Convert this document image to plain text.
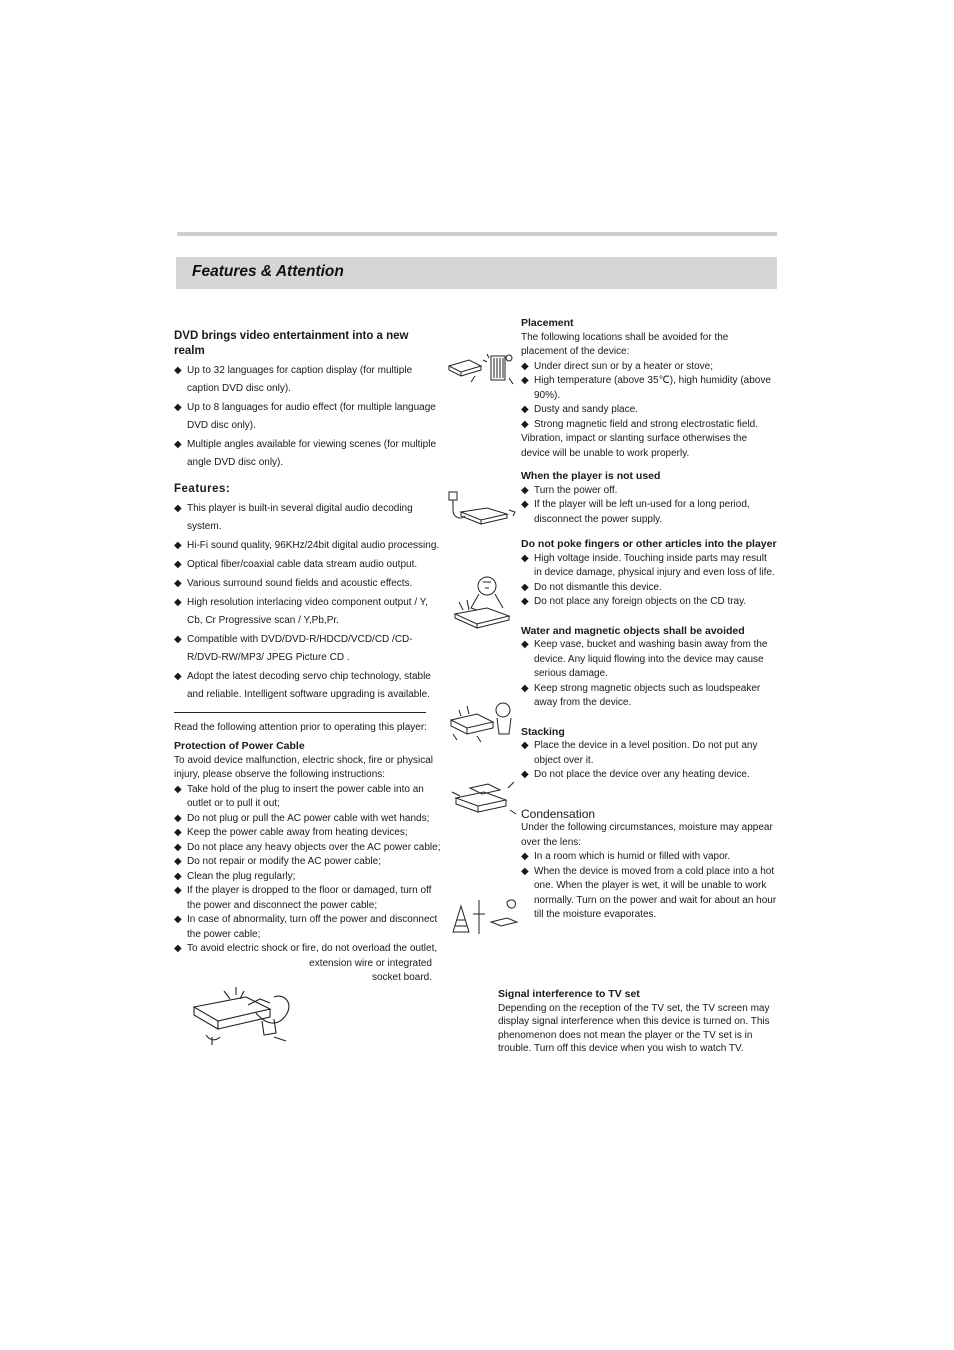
Features & Attention
DVD brings video entertainment into a new realm
◆ Up to 32 languages for caption display (for multiple caption DVD disc only).
◆ Up to 8 languages for audio effect (for multiple language DVD disc only).
◆ Multiple angles available for viewing scenes (for multiple angle DVD disc only).
Features:
◆ This player is built-in several digital audio decoding system.
◆ Hi-Fi sound quality, 96KHz/24bit digital audio processing.
◆ Optical fiber/coaxial cable data stream audio output.
◆ Various surround sound fields and acoustic effects.
◆ High resolution interlacing video component output / Y, Cb, Cr Progressive scan / Y,Pb,Pr.
◆ Compatible with DVD/DVD-R/HDCD/VCD/CD /CD-R/DVD-RW/MP3/ JPEG Picture CD .
◆ Adopt the latest decoding servo chip technology, stable and reliable. Intelligent software upgrading is available.

Read the following attention prior to operating this player:

Protection of Power Cable

To avoid device malfunction, electric shock, fire or physical injury, please observe the following instructions:

◆ Take hold of the plug to insert the power cable into an outlet or to pull it out;
◆ Do not plug or pull the AC power cable with wet hands;
◆ Keep the power cable away from heating devices;
◆ Do not place any heavy objects over the AC power cable;
◆ Do not repair or modify the AC power cable;
◆ Clean the plug regularly;
◆ If the player is dropped to the floor or damaged, turn off the power and disconnect the power cable;
◆ In case of abnormality, turn off the power and disconnect the power cable;
◆ To avoid electric shock or fire, do not overload the outlet,

extension wire or integrated

socket board.

Placement

The following locations shall be avoided for the placement of the device:

◆ Under direct sun or by a heater or stove;
◆ High temperature (above 35℃), high humidity (above 90%).
◆ Dusty and sandy place.
◆ Strong magnetic field and strong electrostatic field.

Vibration, impact or slanting surface otherwises the device will be unable to work properly.

When the player is not used
◆ Turn the power off.
◆ If the player will be left un-used for a long period, disconnect the power supply.
Do not poke fingers or other articles into the player
◆ High voltage inside. Touching inside parts may result in device damage, physical injury and even loss of life.
◆ Do not dismantle this device.
◆ Do not place any foreign objects on the CD tray.
Water and magnetic objects shall be avoided
◆ Keep vase, bucket and washing basin away from the device. Any liquid flowing into the device may cause serious damage.
◆ Keep strong magnetic objects such as loudspeaker away from the device.
Stacking
◆ Place the device in a level position. Do not put any object over it.
◆ Do not place the device over any heating device.
Condensation

Under the following circumstances, moisture may appear over the lens:

◆ In a room which is humid or filled with vapor.
◆ When the device is moved from a cold place into a hot one. When the player is wet, it will be unable to work normally. Turn on the power and wait for about an hour till the moisture evaporates.
Signal interference to TV set

Depending on the reception of the TV set, the TV screen may display signal interference when this device is turned on. This phenomenon does not mean the player or the TV set is in trouble. Turn off this device when you wish to watch TV.
